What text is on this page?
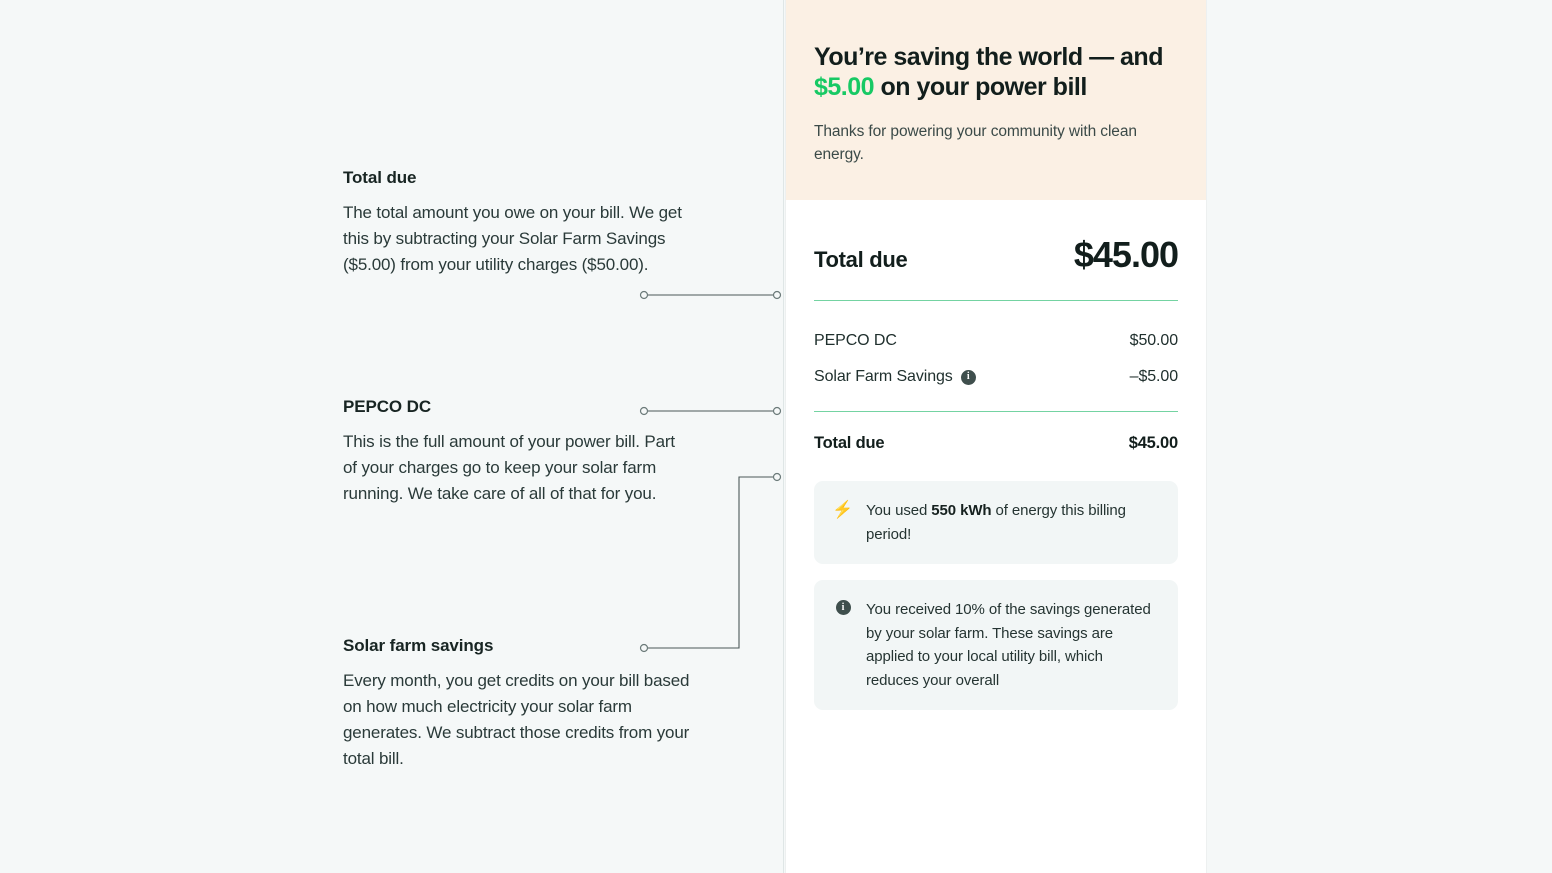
Total due

The total amount you owe on your bill. We get this by subtracting your Solar Farm Savings ($5.00) from your utility charges ($50.00).

PEPCO DC

This is the full amount of your power bill. Part of your charges go to keep your solar farm running. We take care of all of that for you.

Solar farm savings

Every month, you get credits on your bill based on how much electricity your solar farm generates. We subtract those credits from your total bill.

You’re saving the world — and $5.00 on your power bill

Thanks for powering your community with clean energy.

Total due	$45.00
PEPCO DC	$50.00
Solar Farm Savings	i	–$5.00
Total due	$45.00
⚡ You used 550 kWh of energy this billing period!
i	You received 10% of the savings generated by your solar farm. These savings are applied to your local utility bill, which reduces your overall
